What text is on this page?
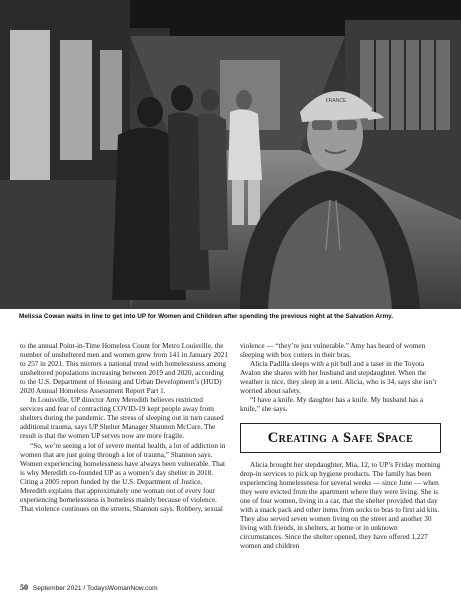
FRANCE
Melissa Cowan waits in line to get into UP for Women and Children after spending the previous night at the Salvation Army.

to the annual Point-in-Time Homeless Count for Metro Louisville, the number of unsheltered men and women grew from 141 in January 2021 to 257 in 2021. This mirrors a national trend with homelessness among unsheltered populations increasing between 2019 and 2020, according to the U.S. Department of Housing and Urban Development’s (HUD) 2020 Annual Homeless Assessment Report Part 1.

In Louisville, UP director Amy Meredith believes restricted services and fear of contracting COVID-19 kept people away from shelters during the pandemic. The stress of sleeping out in turn caused additional trauma, says UP Shelter Manager Shannon McCure. The result is that the women UP serves now are more fragile.

“So, we’re seeing a lot of severe mental health, a lot of addiction in women that are just going through a lot of trauma,” Shannon says. Women experiencing homelessness have always been vulnerable. That is why Meredith co-founded UP as a women’s day shelter in 2018. Citing a 2005 report funded by the U.S. Department of Justice, Meredith explains that approximately one woman out of every four experiencing homelessness is homeless mainly because of violence. That violence continues on the streets, Shannon says. Robbery, sexual

violence — “they’re just vulnerable.” Amy has heard of women sleeping with box cutters in their bras.

Alicia Padilla sleeps with a pit bull and a taser in the Toyota Avalon she shares with her husband and stepdaughter. When the weather is nice, they sleep in a tent. Alicia, who is 34, says she isn’t worried about safety.

“I have a knife. My daughter has a knife. My husband has a knife,” she says.

Creating a Safe Space

Alicia brought her stepdaughter, Mia, 12, to UP’s Friday morning drop-in services to pick up hygiene products. The family has been experiencing homelessness for several weeks — since June — when they were evicted from the apartment where they were living. She is one of four women, living in a car, that the shelter provided that day with a snack pack and other items from socks to bras to first aid kits. They also served seven women living on the street and another 30 living with friends, in shelters, at home or in unknown circumstances. Since the shelter opened, they have offered 1,227 women and children

50 September 2021 / TodaysWomanNow.com
